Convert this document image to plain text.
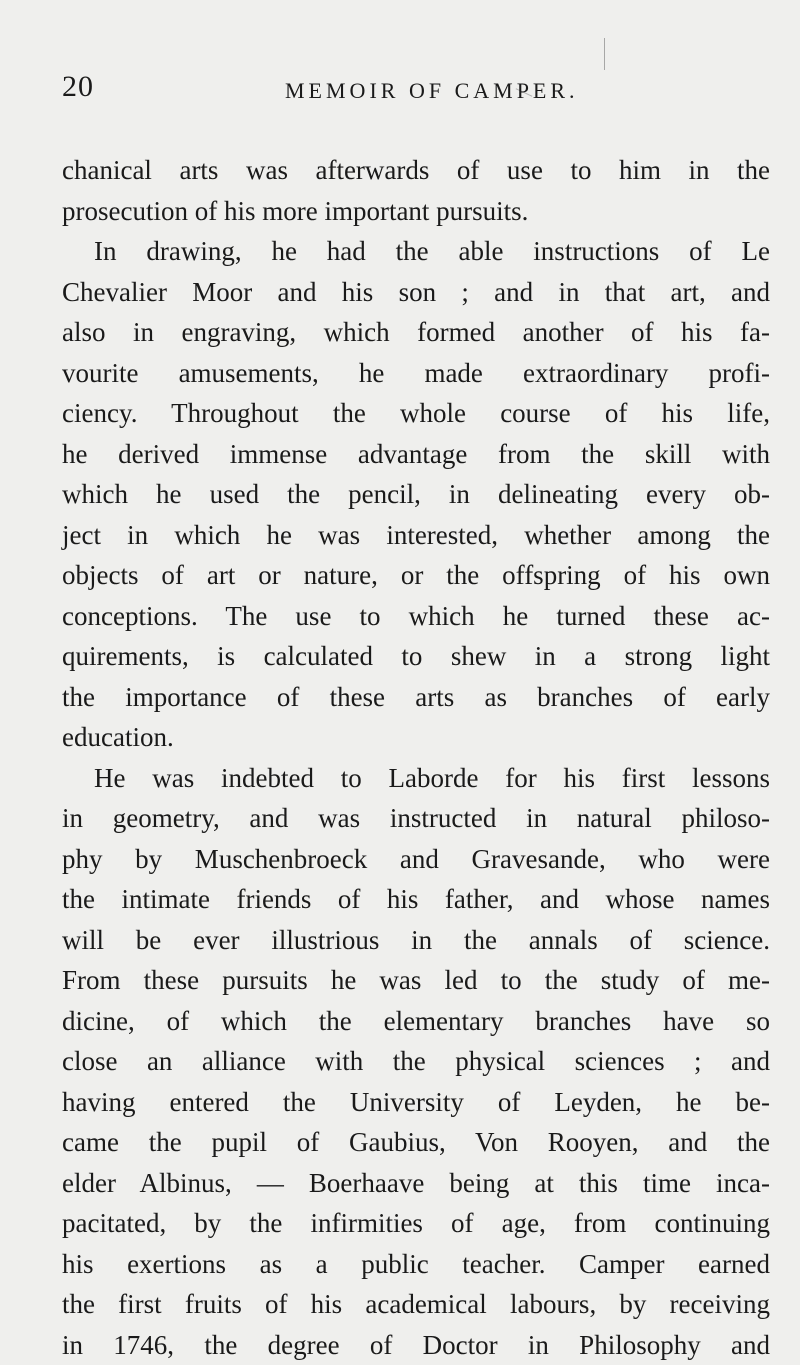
20	MEMOIR OF CAMPER.
chanical arts was afterwards of use to him in the
prosecution of his more important pursuits.
In drawing, he had the able instructions of Le
Chevalier Moor and his son ; and in that art, and
also in engraving, which formed another of his fa-
vourite amusements, he made extraordinary profi-
ciency. Throughout the whole course of his life,
he derived immense advantage from the skill with
which he used the pencil, in delineating every ob-
ject in which he was interested, whether among the
objects of art or nature, or the offspring of his own
conceptions. The use to which he turned these ac-
quirements, is calculated to shew in a strong light
the importance of these arts as branches of early
education.
He was indebted to Laborde for his first lessons
in geometry, and was instructed in natural philoso-
phy by Muschenbroeck and Gravesande, who were
the intimate friends of his father, and whose names
will be ever illustrious in the annals of science.
From these pursuits he was led to the study of me-
dicine, of which the elementary branches have so
close an alliance with the physical sciences ; and
having entered the University of Leyden, he be-
came the pupil of Gaubius, Von Rooyen, and the
elder Albinus, — Boerhaave being at this time inca-
pacitated, by the infirmities of age, from continuing
his exertions as a public teacher. Camper earned
the first fruits of his academical labours, by receiving
in 1746, the degree of Doctor in Philosophy and
